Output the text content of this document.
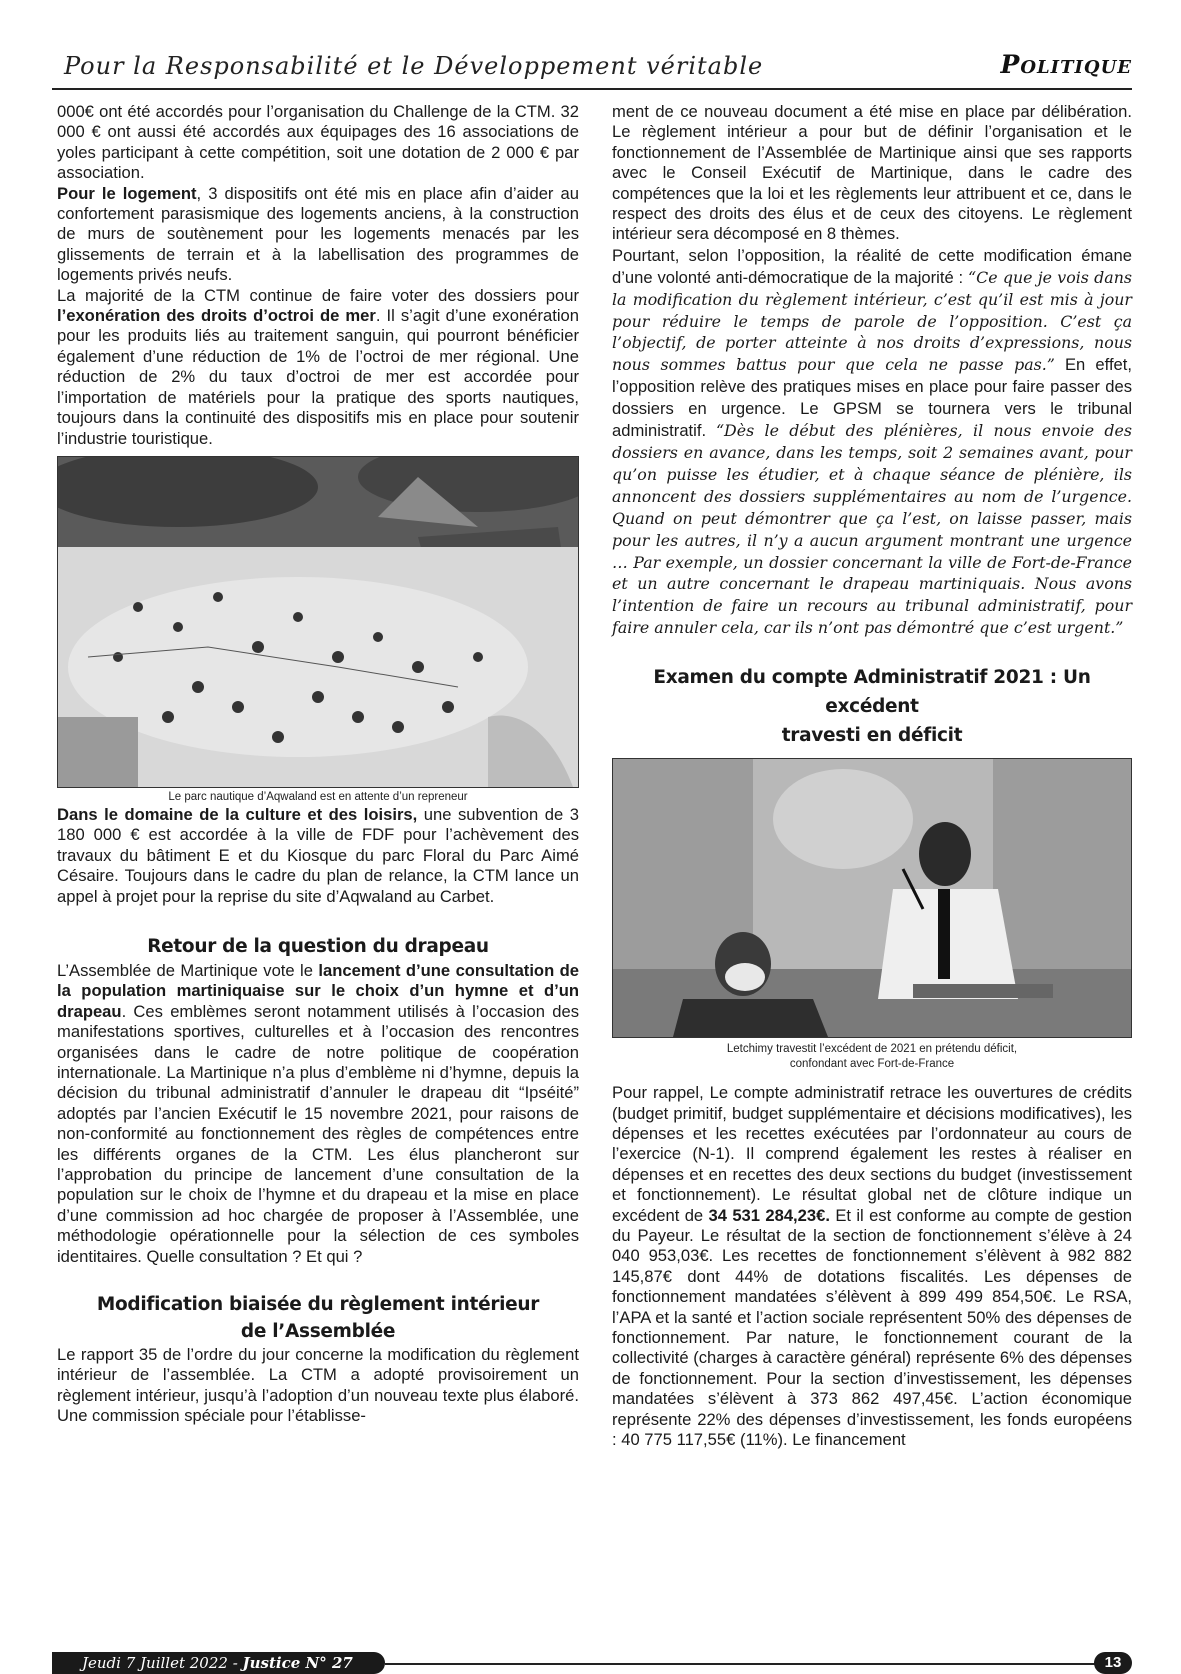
Pour la Responsabilité et le Développement véritable	Politique

000€ ont été accordés pour l’organisation du Challenge de la CTM. 32 000 € ont aussi été accordés aux équipages des 16 associations de yoles participant à cette compétition, soit une dotation de 2 000 € par association.

Pour le logement, 3 dispositifs ont été mis en place afin d’aider au confortement parasismique des logements anciens, à la construction de murs de soutènement pour les logements menacés par les glissements de terrain et à la labellisation des programmes de logements privés neufs.

La majorité de la CTM continue de faire voter des dossiers pour l’exonération des droits d’octroi de mer. Il s’agit d’une exonération pour les produits liés au traitement sanguin, qui pourront bénéficier également d’une réduction de 1% de l’octroi de mer régional. Une réduction de 2% du taux d’octroi de mer est accordée pour l’importation de matériels pour la pratique des sports nautiques, toujours dans la continuité des dispositifs mis en place pour soutenir l’industrie touristique.

Le parc nautique d’Aqwaland est en attente d’un repreneur

Dans le domaine de la culture et des loisirs, une subvention de 3 180 000 € est accordée à la ville de FDF pour l’achèvement des travaux du bâtiment E et du Kiosque du parc Floral du Parc Aimé Césaire. Toujours dans le cadre du plan de relance, la CTM lance un appel à projet pour la reprise du site d’Aqwaland au Carbet.

Retour de la question du drapeau

L’Assemblée de Martinique vote le lancement d’une consultation de la population martiniquaise sur le choix d’un hymne et d’un drapeau. Ces emblèmes seront notamment utilisés à l’occasion des manifestations sportives, culturelles et à l’occasion des rencontres organisées dans le cadre de notre politique de coopération internationale. La Martinique n’a plus d’emblème ni d’hymne, depuis la décision du tribunal administratif d’annuler le drapeau dit “Ipséité” adoptés par l’ancien Exécutif le 15 novembre 2021, pour raisons de non-conformité au fonctionnement des règles de compétences entre les différents organes de la CTM. Les élus plancheront sur l’approbation du principe de lancement d’une consultation de la population sur le choix de l’hymne et du drapeau et la mise en place d’une commission ad hoc chargée de proposer à l’Assemblée, une méthodologie opérationnelle pour la sélection de ces symboles identitaires. Quelle consultation ? Et qui ?

Modification biaisée du règlement intérieur
de l’Assemblée

Le rapport 35 de l’ordre du jour concerne la modification du règlement intérieur de l’assemblée. La CTM a adopté provisoirement un règlement intérieur, jusqu’à l’adoption d’un nouveau texte plus élaboré. Une commission spéciale pour l’établisse-

ment de ce nouveau document a été mise en place par délibération. Le règlement intérieur a pour but de définir l’organisation et le fonctionnement de l’Assemblée de Martinique ainsi que ses rapports avec le Conseil Exécutif de Martinique, dans le cadre des compétences que la loi et les règlements leur attribuent et ce, dans le respect des droits des élus et de ceux des citoyens. Le règlement intérieur sera décomposé en 8 thèmes.

Pourtant, selon l’opposition, la réalité de cette modification émane d’une volonté anti-démocratique de la majorité : “Ce que je vois dans la modification du règlement intérieur, c’est qu’il est mis à jour pour réduire le temps de parole de l’opposition. C’est ça l’objectif, de porter atteinte à nos droits d’expressions, nous nous sommes battus pour que cela ne passe pas.” En effet, l’opposition relève des pratiques mises en place pour faire passer des dossiers en urgence. Le GPSM se tournera vers le tribunal administratif. “Dès le début des plénières, il nous envoie des dossiers en avance, dans les temps, soit 2 semaines avant, pour qu’on puisse les étudier, et à chaque séance de plénière, ils annoncent des dossiers supplémentaires au nom de l’urgence. Quand on peut démontrer que ça l’est, on laisse passer, mais pour les autres, il n’y a aucun argument montrant une urgence … Par exemple, un dossier concernant la ville de Fort-de-France et un autre concernant le drapeau martiniquais. Nous avons l’intention de faire un recours au tribunal administratif, pour faire annuler cela, car ils n’ont pas démontré que c’est urgent.”

Examen du compte Administratif 2021 : Un excédent
travesti en déficit

Letchimy travestit l’excédent de 2021 en prétendu déficit,
confondant avec Fort-de-France

Pour rappel, Le compte administratif retrace les ouvertures de crédits (budget primitif, budget supplémentaire et décisions modificatives), les dépenses et les recettes exécutées par l’ordonnateur au cours de l’exercice (N-1). Il comprend également les restes à réaliser en dépenses et en recettes des deux sections du budget (investissement et fonctionnement). Le résultat global net de clôture indique un excédent de 34 531 284,23€. Et il est conforme au compte de gestion du Payeur. Le résultat de la section de fonctionnement s’élève à 24 040 953,03€. Les recettes de fonctionnement s’élèvent à 982 882 145,87€ dont 44% de dotations fiscalités. Les dépenses de fonctionnement mandatées s’élèvent à 899 499 854,50€. Le RSA, l’APA et la santé et l’action sociale représentent 50% des dépenses de fonctionnement. Par nature, le fonctionnement courant de la collectivité (charges à caractère général) représente 6% des dépenses de fonctionnement. Pour la section d’investissement, les dépenses mandatées s’élèvent à 373 862 497,45€. L’action économique représente 22% des dépenses d’investissement, les fonds européens : 40 775 117,55€ (11%). Le financement

Jeudi 7 Juillet 2022 - Justice N° 27	13
